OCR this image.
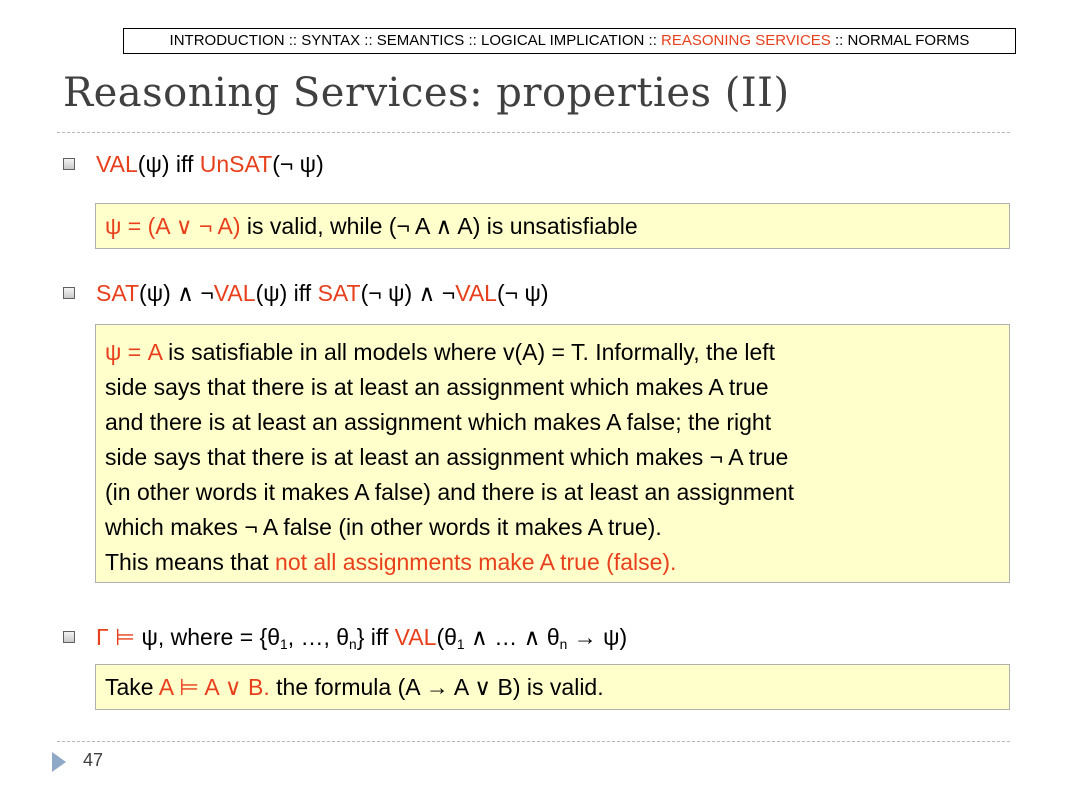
INTRODUCTION :: SYNTAX :: SEMANTICS :: LOGICAL IMPLICATION :: REASONING SERVICES :: NORMAL FORMS
Reasoning Services: properties (II)
VAL(ψ) iff UnSAT(¬ ψ)

ψ = (A ∨ ¬ A) is valid, while (¬ A ∧ A) is unsatisfiable

SAT(ψ) ∧ ¬VAL(ψ) iff SAT(¬ ψ) ∧ ¬VAL(¬ ψ)

ψ = A is satisfiable in all models where v(A) = T. Informally, the left

side says that there is at least an assignment which makes A true

and there is at least an assignment which makes A false; the right

side says that there is at least an assignment which makes ¬ A true

(in other words it makes A false) and there is at least an assignment

which makes ¬ A false (in other words it makes A true).

This means that not all assignments make A true (false).

Γ ⊨ ψ, where = {$\theta_1$, …, $\theta_n$} iff $VAL(\theta_1$ ∧ … ∧ $\theta_n \to \psi$)

Take A ⊨ A ∨ B. the formula (A → A ∨ B) is valid.

47
